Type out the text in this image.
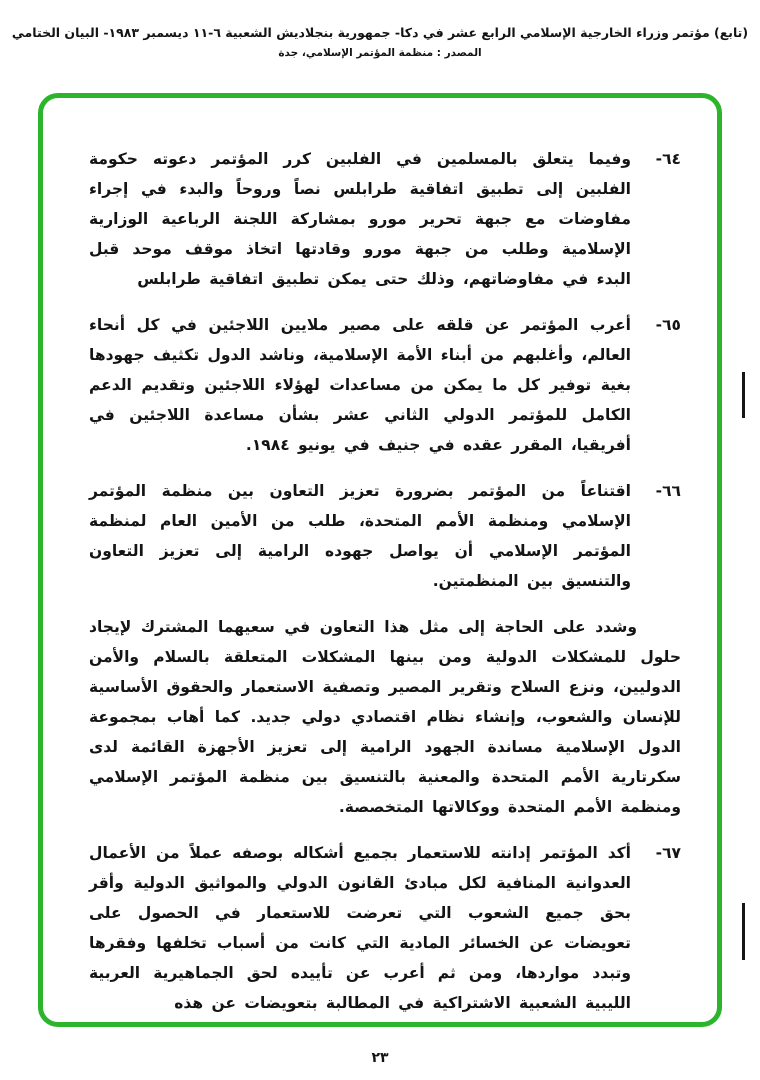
(تابع) مؤتمر وزراء الخارجية الإسلامي الرابع عشر في دكا- جمهورية بنجلاديش الشعبية ٦-١١ ديسمبر ١٩٨٣- البيان الختامي
المصدر : منظمة المؤتمر الإسلامي، جدة
٦٤-
وفيما يتعلق بالمسلمين في الفلبين كرر المؤتمر دعوته حكومة الفلبين إلى تطبيق اتفاقية طرابلس نصاً وروحاً والبدء في إجراء مفاوضات مع جبهة تحرير مورو بمشاركة اللجنة الرباعية الوزارية الإسلامية وطلب من جبهة مورو وقادتها اتخاذ موقف موحد قبل البدء في مفاوضاتهم، وذلك حتى يمكن تطبيق اتفاقية طرابلس
٦٥-
أعرب المؤتمر عن قلقه على مصير ملايين اللاجئين في كل أنحاء العالم، وأغلبهم من أبناء الأمة الإسلامية، وناشد الدول تكثيف جهودها بغية توفير كل ما يمكن من مساعدات لهؤلاء اللاجئين وتقديم الدعم الكامل للمؤتمر الدولي الثاني عشر بشأن مساعدة اللاجئين في أفريقيا، المقرر عقده في جنيف في يونيو ١٩٨٤.
٦٦-
اقتناعاً من المؤتمر بضرورة تعزيز التعاون بين منظمة المؤتمر الإسلامي ومنظمة الأمم المتحدة، طلب من الأمين العام لمنظمة المؤتمر الإسلامي أن يواصل جهوده الرامية إلى تعزيز التعاون والتنسيق بين المنظمتين.
وشدد على الحاجة إلى مثل هذا التعاون في سعيهما المشترك لإيجاد حلول للمشكلات الدولية ومن بينها المشكلات المتعلقة بالسلام والأمن الدوليين، ونزع السلاح وتقرير المصير وتصفية الاستعمار والحقوق الأساسية للإنسان والشعوب، وإنشاء نظام اقتصادي دولي جديد. كما أهاب بمجموعة الدول الإسلامية مساندة الجهود الرامية إلى تعزيز الأجهزة القائمة لدى سكرتارية الأمم المتحدة والمعنية بالتنسيق بين منظمة المؤتمر الإسلامي ومنظمة الأمم المتحدة ووكالاتها المتخصصة.
٦٧-
أكد المؤتمر إدانته للاستعمار بجميع أشكاله بوصفه عملاً من الأعمال العدوانية المنافية لكل مبادئ القانون الدولي والمواثيق الدولية وأقر بحق جميع الشعوب التي تعرضت للاستعمار في الحصول على تعويضات عن الخسائر المادية التي كانت من أسباب تخلفها وفقرها وتبدد مواردها، ومن ثم أعرب عن تأييده لحق الجماهيرية العربية الليبية الشعبية الاشتراكية في المطالبة بتعويضات عن هذه
٢٣
